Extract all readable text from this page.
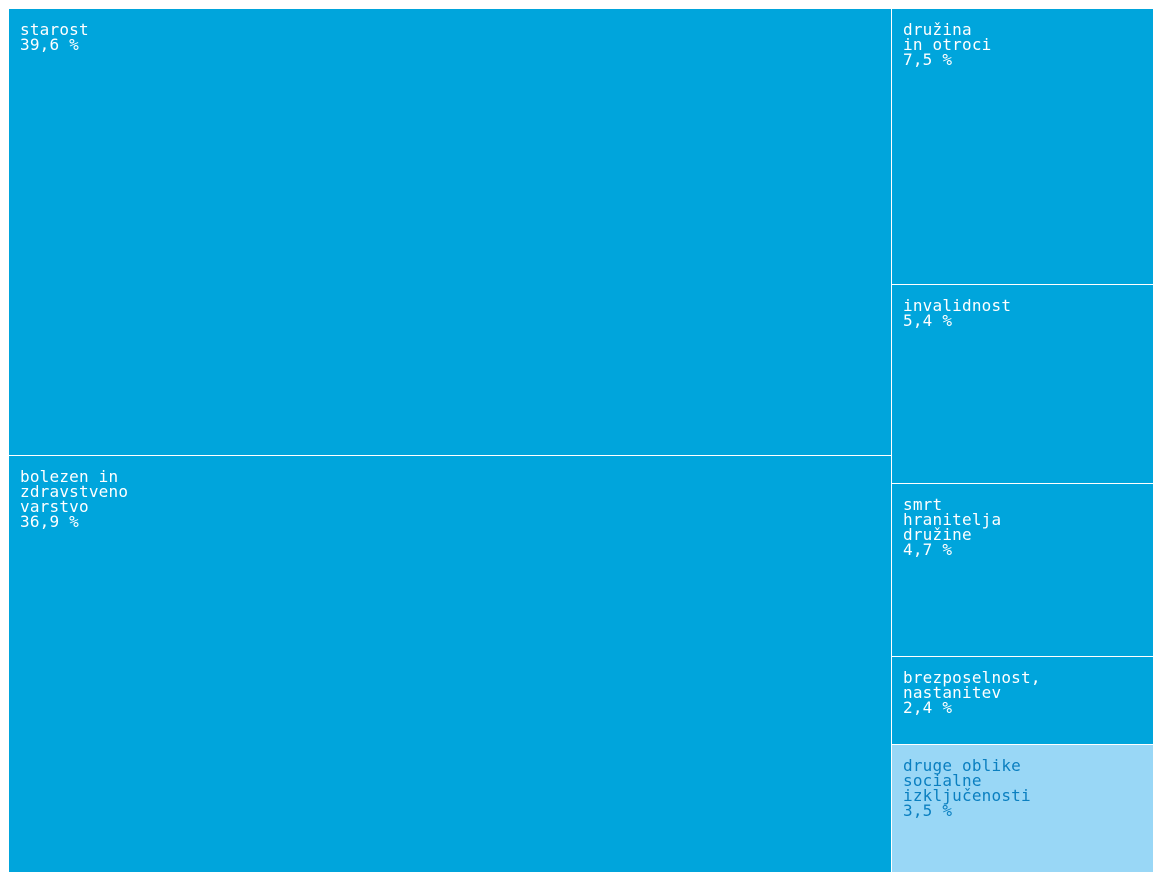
starost
39,6 %
bolezen in
zdravstveno
varstvo
36,9 %
družina
in otroci
7,5 %
invalidnost
5,4 %
smrt
hranitelja
družine
4,7 %
brezposelnost,
nastanitev
2,4 %
druge oblike
socialne
izključenosti
3,5 %
